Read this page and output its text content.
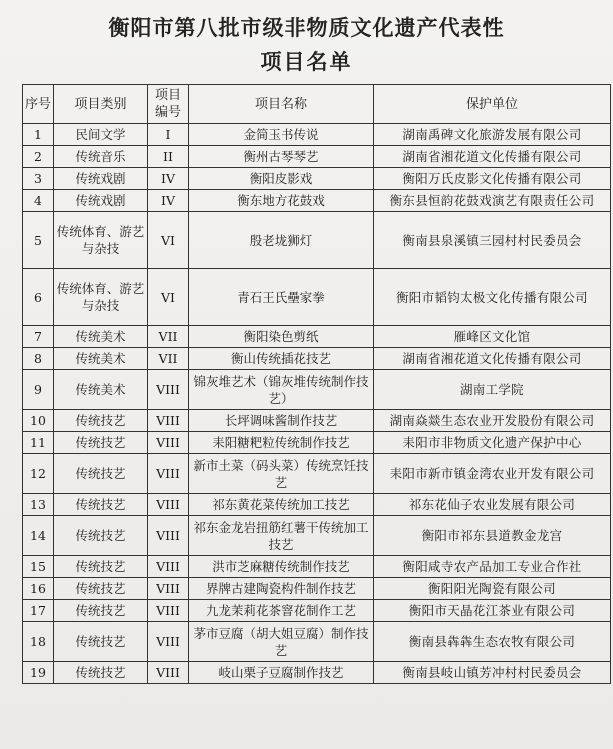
衡阳市第八批市级非物质文化遗产代表性
项目名单
序号	项目类别	项目编号	项目名称	保护单位
1	民间文学	I	金简玉书传说	湖南禹碑文化旅游发展有限公司
2	传统音乐	II	衡州古琴琴艺	湖南省湘花道文化传播有限公司
3	传统戏剧	IV	衡阳皮影戏	衡阳万氏皮影文化传播有限公司
4	传统戏剧	IV	衡东地方花鼓戏	衡东县恒韵花鼓戏演艺有限责任公司
5	传统体育、游艺与杂技	VI	殷老垅狮灯	衡南县泉溪镇三园村村民委员会
6	传统体育、游艺与杂技	VI	青石王氏壘家拳	衡阳市韬钧太极文化传播有限公司
7	传统美术	VII	衡阳染色剪纸	雁峰区文化馆
8	传统美术	VII	衡山传统插花技艺	湖南省湘花道文化传播有限公司
9	传统美术	VIII	锦灰堆艺术（锦灰堆传统制作技艺）	湖南工学院
10	传统技艺	VIII	长坪调味酱制作技艺	湖南焱燚生态农业开发股份有限公司
11	传统技艺	VIII	耒阳糖粑粒传统制作技艺	耒阳市非物质文化遗产保护中心
12	传统技艺	VIII	新市土菜（码头菜）传统烹饪技艺	耒阳市新市镇金湾农业开发有限公司
13	传统技艺	VIII	祁东黄花菜传统加工技艺	祁东花仙子农业发展有限公司
14	传统技艺	VIII	祁东金龙岩扭筋红薯干传统加工技艺	衡阳市祁东县道教金龙宫
15	传统技艺	VIII	洪市芝麻糖传统制作技艺	衡阳咸寺农产品加工专业合作社
16	传统技艺	VIII	界牌古建陶瓷构件制作技艺	衡阳阳光陶瓷有限公司
17	传统技艺	VIII	九龙茉莉花茶窨花制作工艺	衡阳市天晶花江茶业有限公司
18	传统技艺	VIII	茅市豆腐（胡大姐豆腐）制作技艺	衡南县犇犇生态农牧有限公司
19	传统技艺	VIII	岐山栗子豆腐制作技艺	衡南县岐山镇芳冲村村民委员会
